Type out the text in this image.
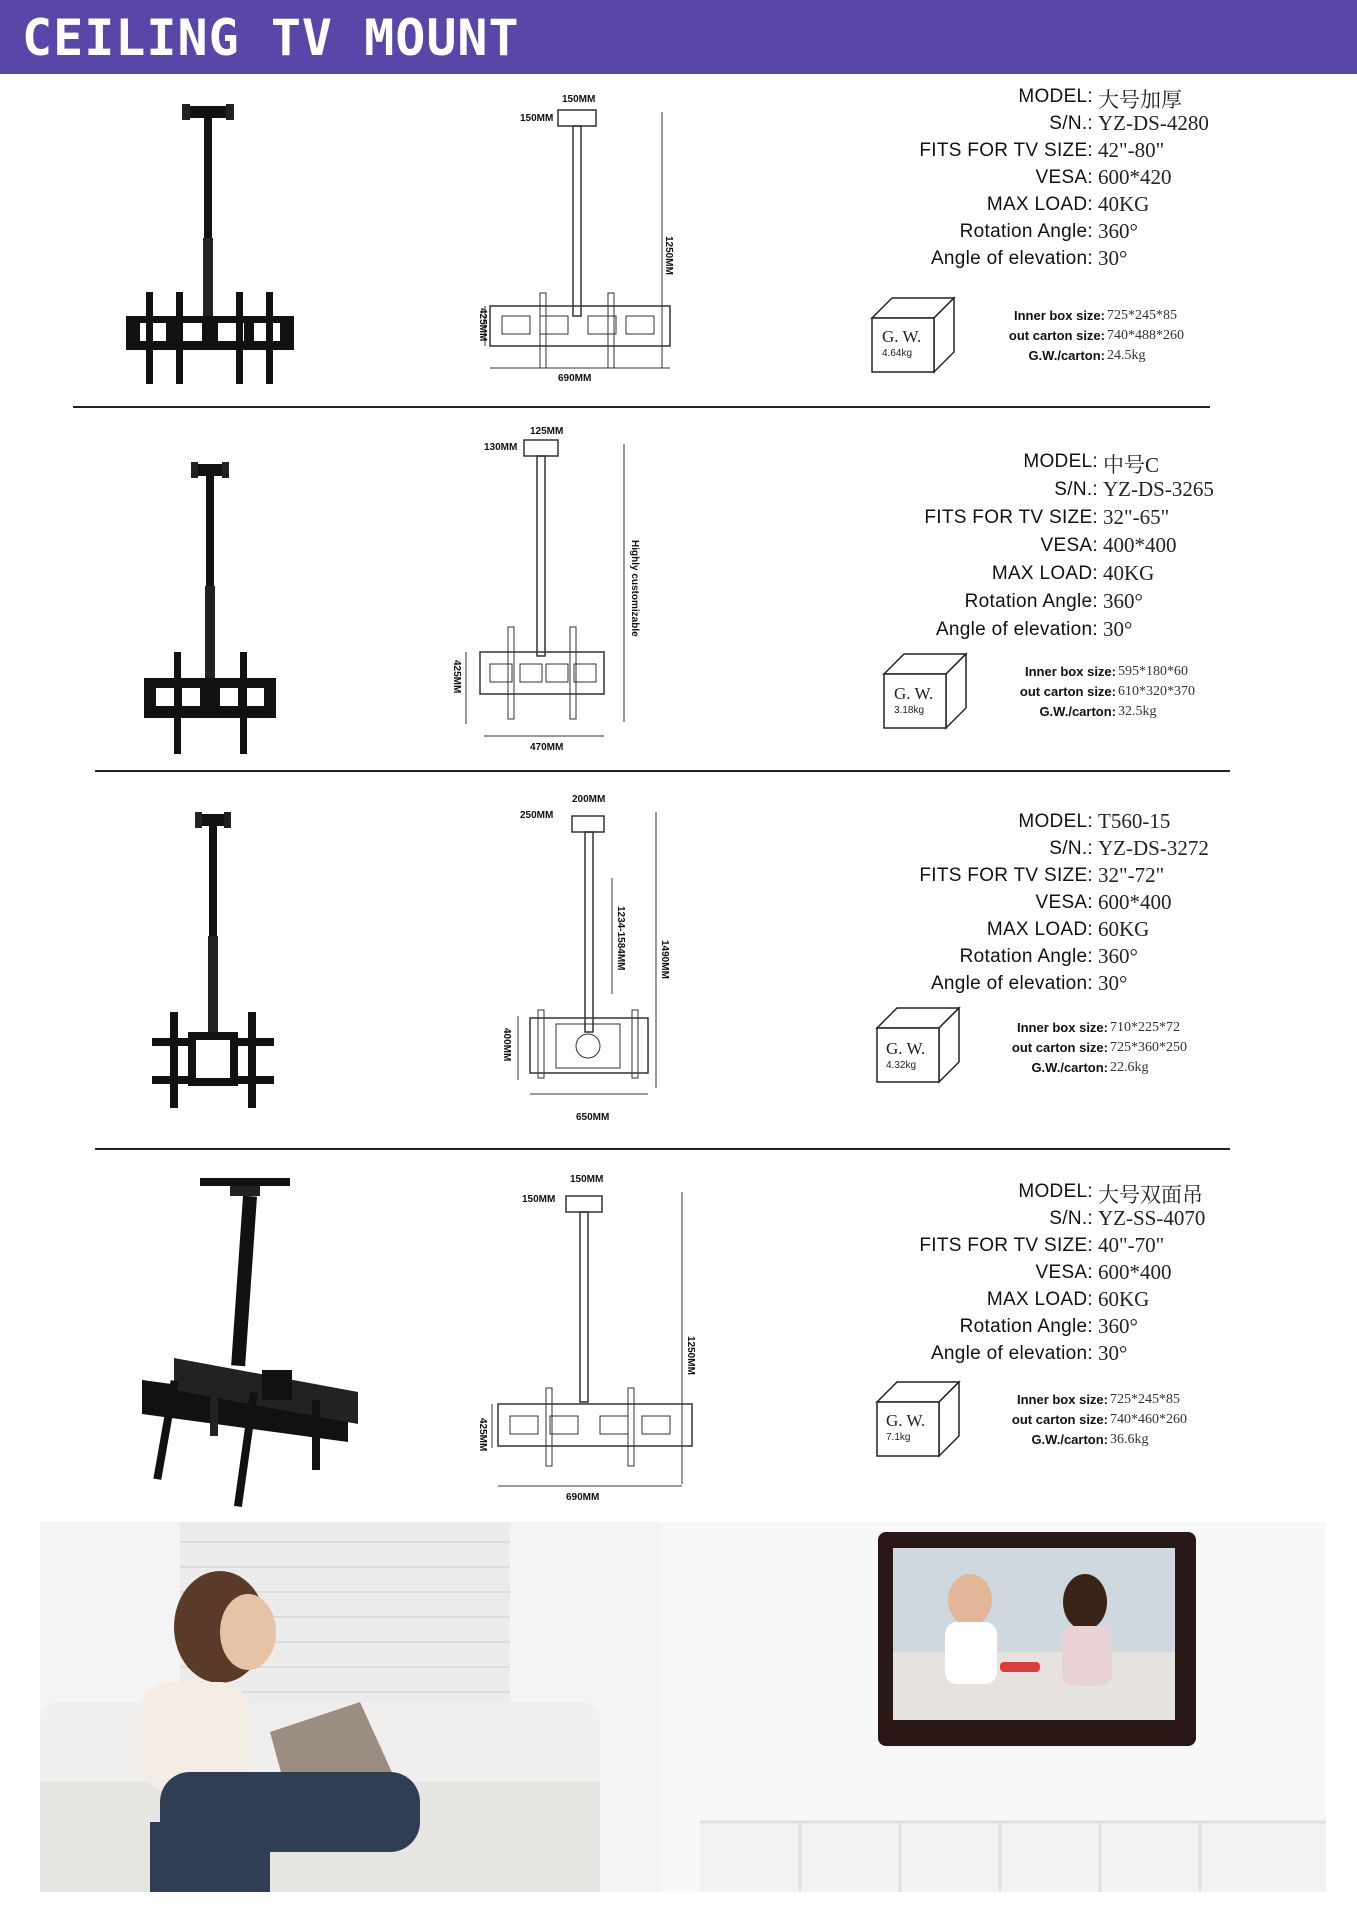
CEILING TV MOUNT
150MM
150MM
1250MM
425MM
690MM
MODEL: 大号加厚
S/N.: YZ-DS-4280
FITS FOR TV SIZE: 42"-80"
VESA: 600*420
MAX LOAD: 40KG
Rotation Angle: 360°
Angle of elevation: 30°
G. W.
4.64kg
Inner box size: 725*245*85
out carton size: 740*488*260
G.W./carton: 24.5kg
125MM
130MM
Highly customizable
425MM
470MM
MODEL: 中号C
S/N.: YZ-DS-3265
FITS FOR TV SIZE: 32"-65"
VESA: 400*400
MAX LOAD: 40KG
Rotation Angle: 360°
Angle of elevation: 30°
G. W.
3.18kg
Inner box size: 595*180*60
out carton size: 610*320*370
G.W./carton: 32.5kg
200MM
250MM
1234-1584MM	1490MM
400MM
650MM
MODEL: T560-15
S/N.: YZ-DS-3272
FITS FOR TV SIZE: 32"-72"
VESA: 600*400
MAX LOAD: 60KG
Rotation Angle: 360°
Angle of elevation: 30°
G. W.
4.32kg
Inner box size: 710*225*72
out carton size: 725*360*250
G.W./carton: 22.6kg
150MM
150MM
1250MM
425MM
690MM
MODEL: 大号双面吊
S/N.: YZ-SS-4070
FITS FOR TV SIZE: 40"-70"
VESA: 600*400
MAX LOAD: 60KG
Rotation Angle: 360°
Angle of elevation: 30°
G. W.
7.1kg
Inner box size: 725*245*85
out carton size: 740*460*260
G.W./carton: 36.6kg
